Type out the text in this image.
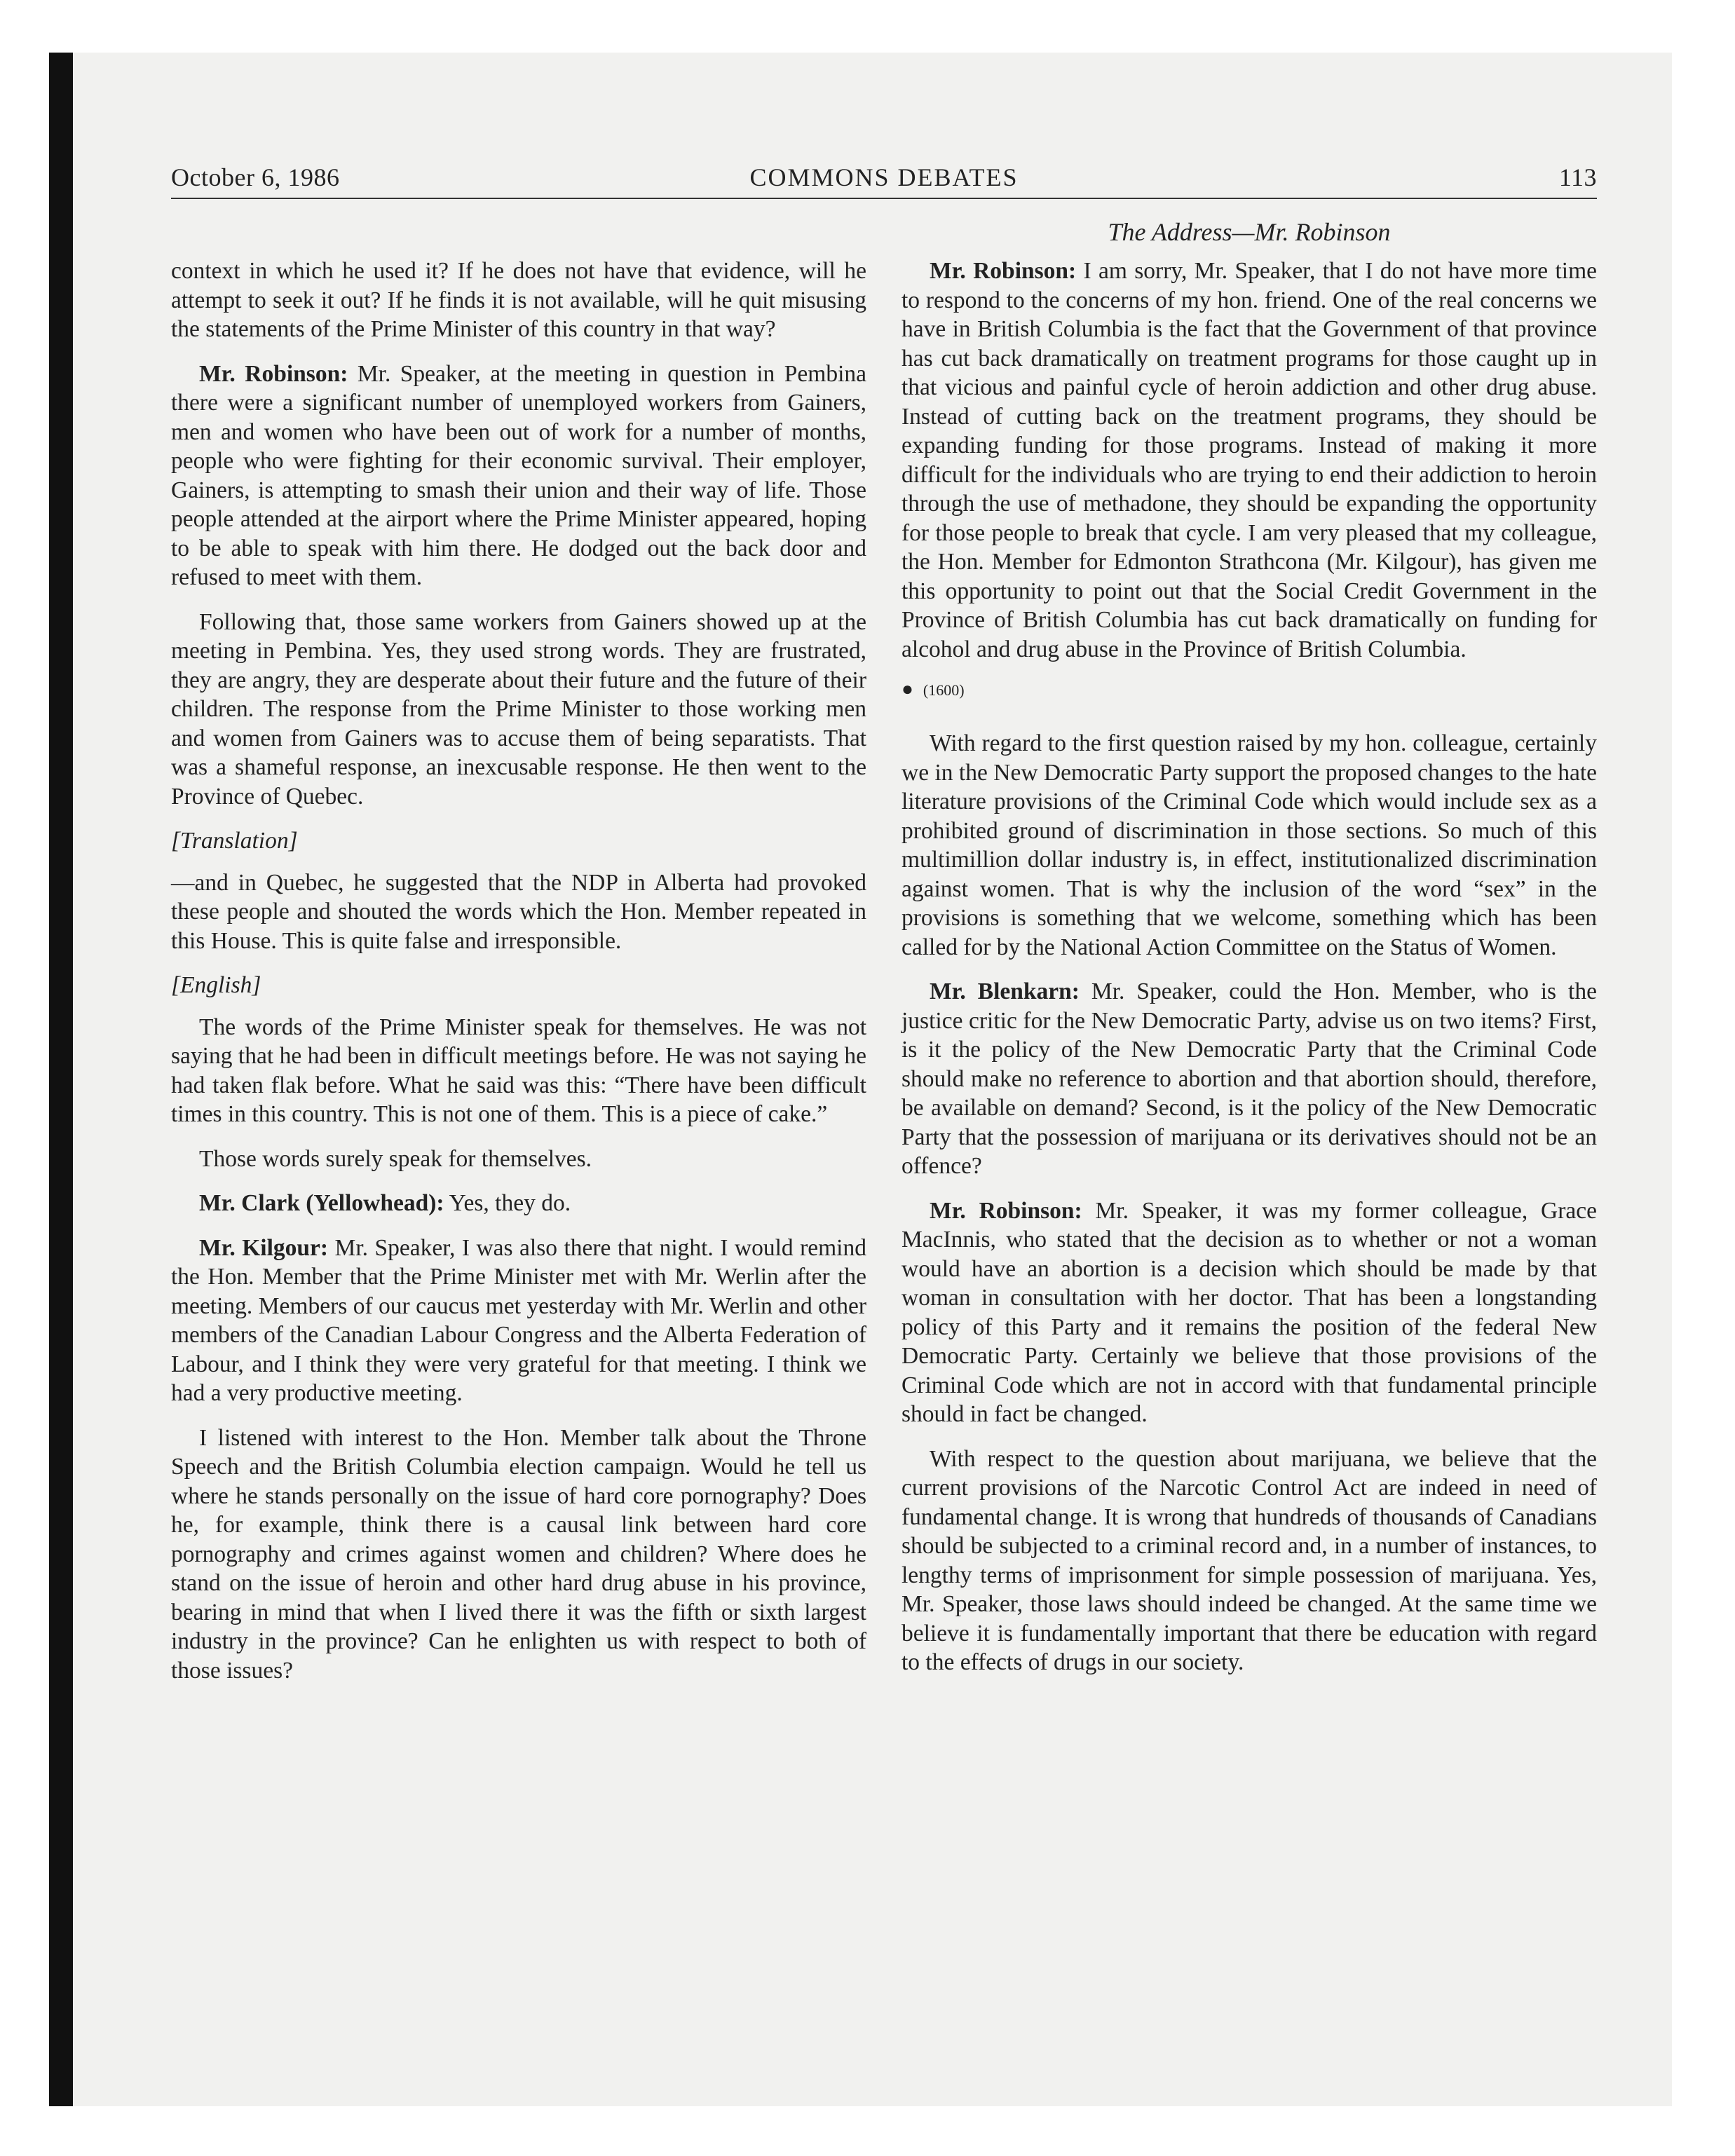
October 6, 1986	COMMONS DEBATES	113
The Address—Mr. Robinson

context in which he used it? If he does not have that evidence, will he attempt to seek it out? If he finds it is not available, will he quit misusing the statements of the Prime Minister of this country in that way?

Mr. Robinson: Mr. Speaker, at the meeting in question in Pembina there were a significant number of unemployed workers from Gainers, men and women who have been out of work for a number of months, people who were fighting for their economic survival. Their employer, Gainers, is attempting to smash their union and their way of life. Those people attended at the airport where the Prime Minister appeared, hoping to be able to speak with him there. He dodged out the back door and refused to meet with them.

Following that, those same workers from Gainers showed up at the meeting in Pembina. Yes, they used strong words. They are frustrated, they are angry, they are desperate about their future and the future of their children. The response from the Prime Minister to those working men and women from Gainers was to accuse them of being separatists. That was a shameful response, an inexcusable response. He then went to the Province of Quebec.

[Translation]

—and in Quebec, he suggested that the NDP in Alberta had provoked these people and shouted the words which the Hon. Member repeated in this House. This is quite false and irresponsible.

[English]

The words of the Prime Minister speak for themselves. He was not saying that he had been in difficult meetings before. He was not saying he had taken flak before. What he said was this: “There have been difficult times in this country. This is not one of them. This is a piece of cake.”

Those words surely speak for themselves.

Mr. Clark (Yellowhead): Yes, they do.

Mr. Kilgour: Mr. Speaker, I was also there that night. I would remind the Hon. Member that the Prime Minister met with Mr. Werlin after the meeting. Members of our caucus met yesterday with Mr. Werlin and other members of the Canadian Labour Congress and the Alberta Federation of Labour, and I think they were very grateful for that meeting. I think we had a very productive meeting.

I listened with interest to the Hon. Member talk about the Throne Speech and the British Columbia election campaign. Would he tell us where he stands personally on the issue of hard core pornography? Does he, for example, think there is a causal link between hard core pornography and crimes against women and children? Where does he stand on the issue of heroin and other hard drug abuse in his province, bearing in mind that when I lived there it was the fifth or sixth largest industry in the province? Can he enlighten us with respect to both of those issues?

Mr. Robinson: I am sorry, Mr. Speaker, that I do not have more time to respond to the concerns of my hon. friend. One of the real concerns we have in British Columbia is the fact that the Government of that province has cut back dramatically on treatment programs for those caught up in that vicious and painful cycle of heroin addiction and other drug abuse. Instead of cutting back on the treatment programs, they should be expanding funding for those programs. Instead of making it more difficult for the individuals who are trying to end their addiction to heroin through the use of methadone, they should be expanding the opportunity for those people to break that cycle. I am very pleased that my colleague, the Hon. Member for Edmonton Strathcona (Mr. Kilgour), has given me this opportunity to point out that the Social Credit Government in the Province of British Columbia has cut back dramatically on funding for alcohol and drug abuse in the Province of British Columbia.

● (1600)

With regard to the first question raised by my hon. colleague, certainly we in the New Democratic Party support the proposed changes to the hate literature provisions of the Criminal Code which would include sex as a prohibited ground of discrimination in those sections. So much of this multimillion dollar industry is, in effect, institutionalized discrimination against women. That is why the inclusion of the word “sex” in the provisions is something that we welcome, something which has been called for by the National Action Committee on the Status of Women.

Mr. Blenkarn: Mr. Speaker, could the Hon. Member, who is the justice critic for the New Democratic Party, advise us on two items? First, is it the policy of the New Democratic Party that the Criminal Code should make no reference to abortion and that abortion should, therefore, be available on demand? Second, is it the policy of the New Democratic Party that the possession of marijuana or its derivatives should not be an offence?

Mr. Robinson: Mr. Speaker, it was my former colleague, Grace MacInnis, who stated that the decision as to whether or not a woman would have an abortion is a decision which should be made by that woman in consultation with her doctor. That has been a longstanding policy of this Party and it remains the position of the federal New Democratic Party. Certainly we believe that those provisions of the Criminal Code which are not in accord with that fundamental principle should in fact be changed.

With respect to the question about marijuana, we believe that the current provisions of the Narcotic Control Act are indeed in need of fundamental change. It is wrong that hundreds of thousands of Canadians should be subjected to a criminal record and, in a number of instances, to lengthy terms of imprisonment for simple possession of marijuana. Yes, Mr. Speaker, those laws should indeed be changed. At the same time we believe it is fundamentally important that there be education with regard to the effects of drugs in our society.
